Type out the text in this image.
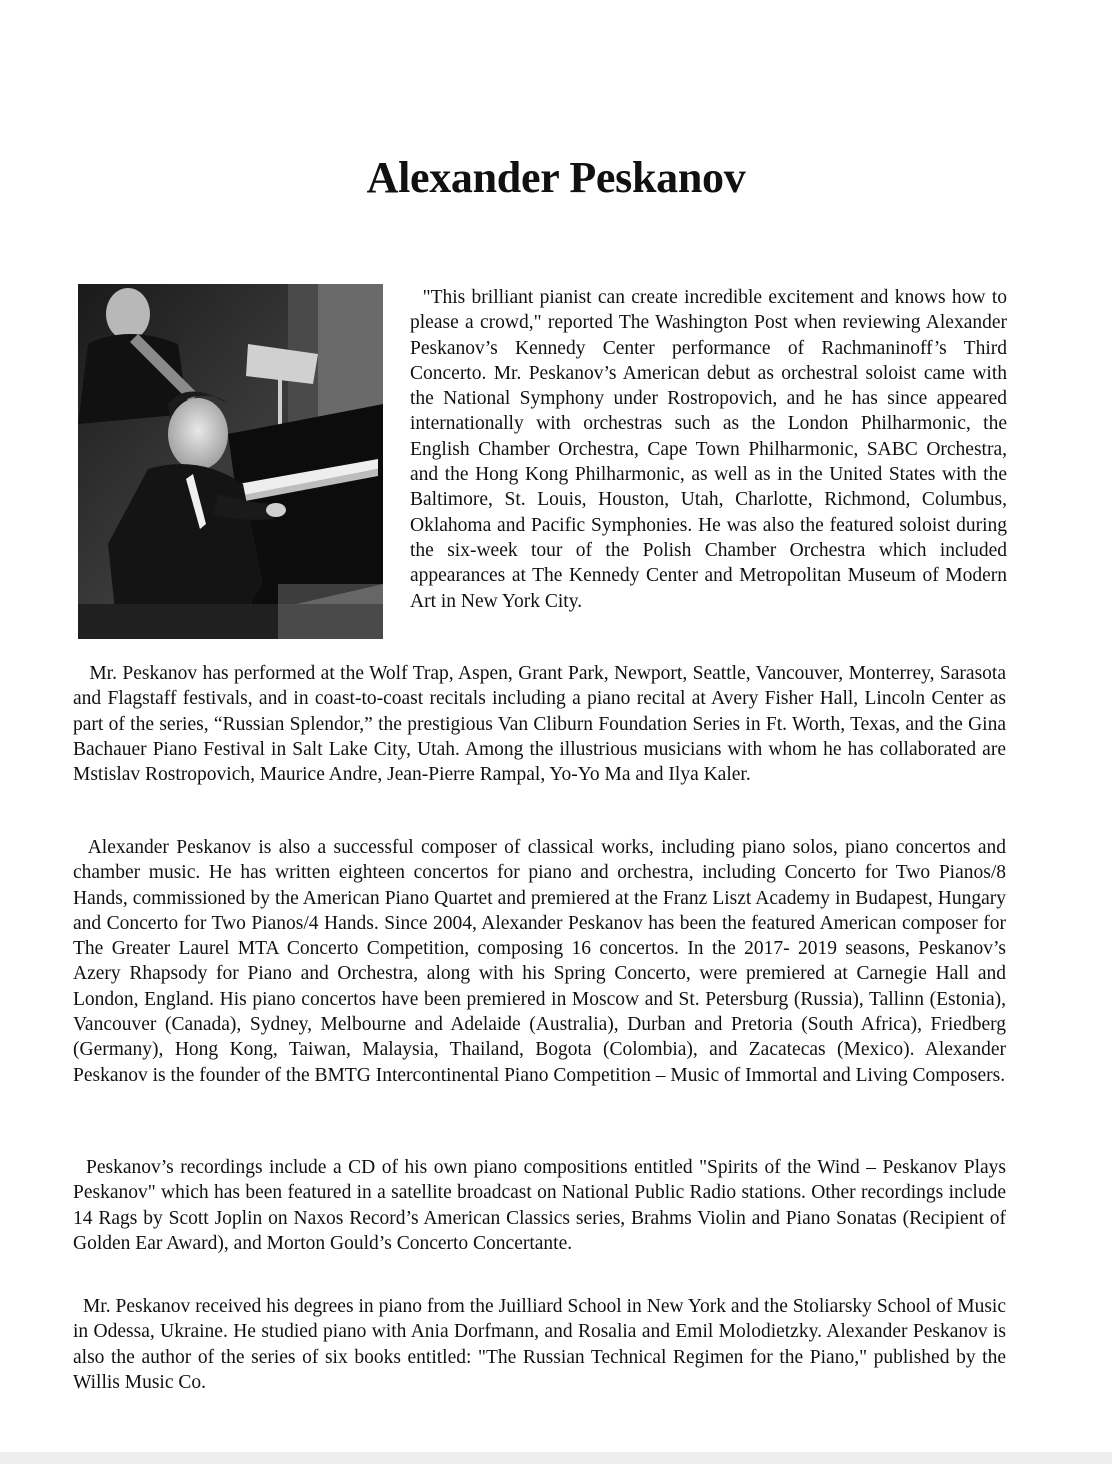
Alexander Peskanov

"This brilliant pianist can create incredible excitement and knows how to please a crowd," reported The Washington Post when reviewing Alexander Peskanov’s Kennedy Center performance of Rachmaninoff’s Third Concerto. Mr. Peskanov’s American debut as orchestral soloist came with the National Symphony under Rostropovich, and he has since appeared internationally with orchestras such as the London Philharmonic, the English Chamber Orchestra, Cape Town Philharmonic, SABC Orchestra, and the Hong Kong Philharmonic, as well as in the United States with the Baltimore, St. Louis, Houston, Utah, Charlotte, Richmond, Columbus, Oklahoma and Pacific Symphonies. He was also the featured soloist during the six-week tour of the Polish Chamber Orchestra which included appearances at The Kennedy Center and Metropolitan Museum of Modern Art in New York City.

Mr. Peskanov has performed at the Wolf Trap, Aspen, Grant Park, Newport, Seattle, Vancouver, Monterrey, Sarasota and Flagstaff festivals, and in coast-to-coast recitals including a piano recital at Avery Fisher Hall, Lincoln Center as part of the series, “Russian Splendor,” the prestigious Van Cliburn Foundation Series in Ft. Worth, Texas, and the Gina Bachauer Piano Festival in Salt Lake City, Utah. Among the illustrious musicians with whom he has collaborated are Mstislav Rostropovich, Maurice Andre, Jean-Pierre Rampal, Yo-Yo Ma and Ilya Kaler.

Alexander Peskanov is also a successful composer of classical works, including piano solos, piano concertos and chamber music. He has written eighteen concertos for piano and orchestra, including Concerto for Two Pianos/8 Hands, commissioned by the American Piano Quartet and premiered at the Franz Liszt Academy in Budapest, Hungary and Concerto for Two Pianos/4 Hands. Since 2004, Alexander Peskanov has been the featured American composer for The Greater Laurel MTA Concerto Competition, composing 16 concertos. In the 2017- 2019 seasons, Peskanov’s Azery Rhapsody for Piano and Orchestra, along with his Spring Concerto, were premiered at Carnegie Hall and London, England. His piano concertos have been premiered in Moscow and St. Petersburg (Russia), Tallinn (Estonia), Vancouver (Canada), Sydney, Melbourne and Adelaide (Australia), Durban and Pretoria (South Africa), Friedberg (Germany), Hong Kong, Taiwan, Malaysia, Thailand, Bogota (Colombia), and Zacatecas (Mexico). Alexander Peskanov is the founder of the BMTG Intercontinental Piano Competition – Music of Immortal and Living Composers.

Peskanov’s recordings include a CD of his own piano compositions entitled "Spirits of the Wind – Peskanov Plays Peskanov" which has been featured in a satellite broadcast on National Public Radio stations. Other recordings include 14 Rags by Scott Joplin on Naxos Record’s American Classics series, Brahms Violin and Piano Sonatas (Recipient of Golden Ear Award), and Morton Gould’s Concerto Concertante.

Mr. Peskanov received his degrees in piano from the Juilliard School in New York and the Stoliarsky School of Music in Odessa, Ukraine. He studied piano with Ania Dorfmann, and Rosalia and Emil Molodietzky. Alexander Peskanov is also the author of the series of six books entitled: "The Russian Technical Regimen for the Piano," published by the Willis Music Co.
